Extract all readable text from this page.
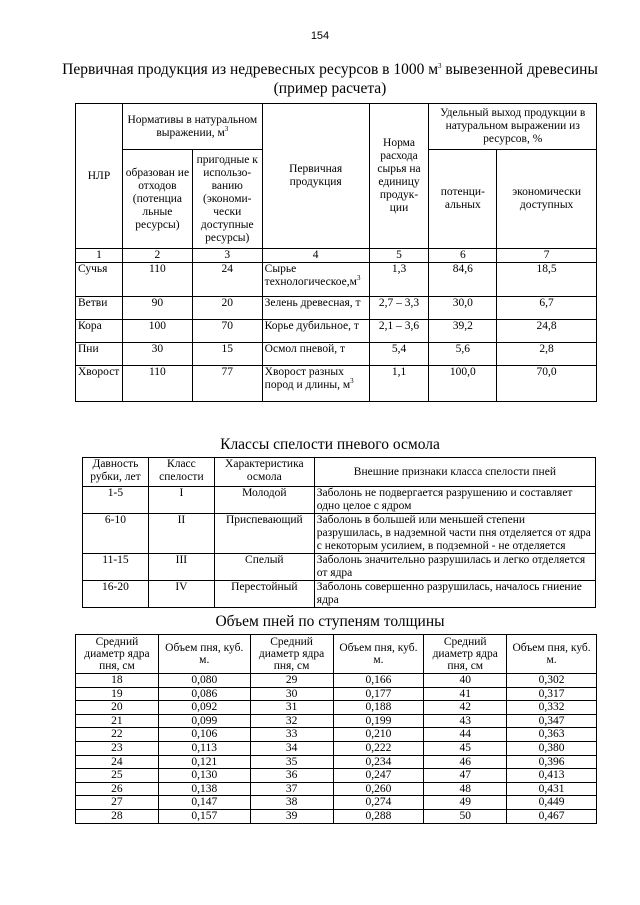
154
Первичная продукция из недревесных ресурсов в 1000 $м^3$ вывезенной древесины (пример расчета)
НЛР	Нормативы в натуральном выражении, $м^3$		Первичная продукция	Норма расхода сырья на единицу продук- ции	Удельный выход продукции в натуральном выражении из ресурсов, %	
	образован ие отходов (потенциа льные ресурсы)	пригодные к использо- ванию (экономи- чески доступные ресурсы)			потенци- альных	экономически доступных
1	2	3	4	5	6	7
Сучья	110	24	Сырье $технологическое,м^3$	1,3	84,6	18,5
Ветви	90	20	Зелень древесная, т	2,7 – 3,3	30,0	6,7
Кора	100	70	Корье дубильное, т	2,1 – 3,6	39,2	24,8
Пни	30	15	Осмол пневой, т	5,4	5,6	2,8
Хворост	110	77	Хворост разных пород и длины, $м^3$	1,1	100,0	70,0
Классы спелости пневого осмола
Давность рубки, лет	Класс спелости	Характеристика осмола	Внешние признаки класса спелости пней
1-5	I	Молодой	Заболонь не подвергается разрушению и составляет одно целое с ядром
6-10	II	Приспевающий	Заболонь в большей или меньшей степени разрушилась, в надземной части пня отделяется от ядра с некоторым усилием, в подземной - не отделяется
11-15	III	Спелый	Заболонь значительно разрушилась и легко отделяется от ядра
16-20	IV	Перестойный	Заболонь совершенно разрушилась, началось гниение ядра
Объем пней по ступеням толщины
Средний диаметр ядра пня, см	Объем пня, куб. м.	Средний диаметр ядра пня, см	Объем пня, куб. м.	Средний диаметр ядра пня, см	Объем пня, куб. м.
18	0,080	29	0,166	40	0,302
19	0,086	30	0,177	41	0,317
20	0,092	31	0,188	42	0,332
21	0,099	32	0,199	43	0,347
22	0,106	33	0,210	44	0,363
23	0,113	34	0,222	45	0,380
24	0,121	35	0,234	46	0,396
25	0,130	36	0,247	47	0,413
26	0,138	37	0,260	48	0,431
27	0,147	38	0,274	49	0,449
28	0,157	39	0,288	50	0,467
